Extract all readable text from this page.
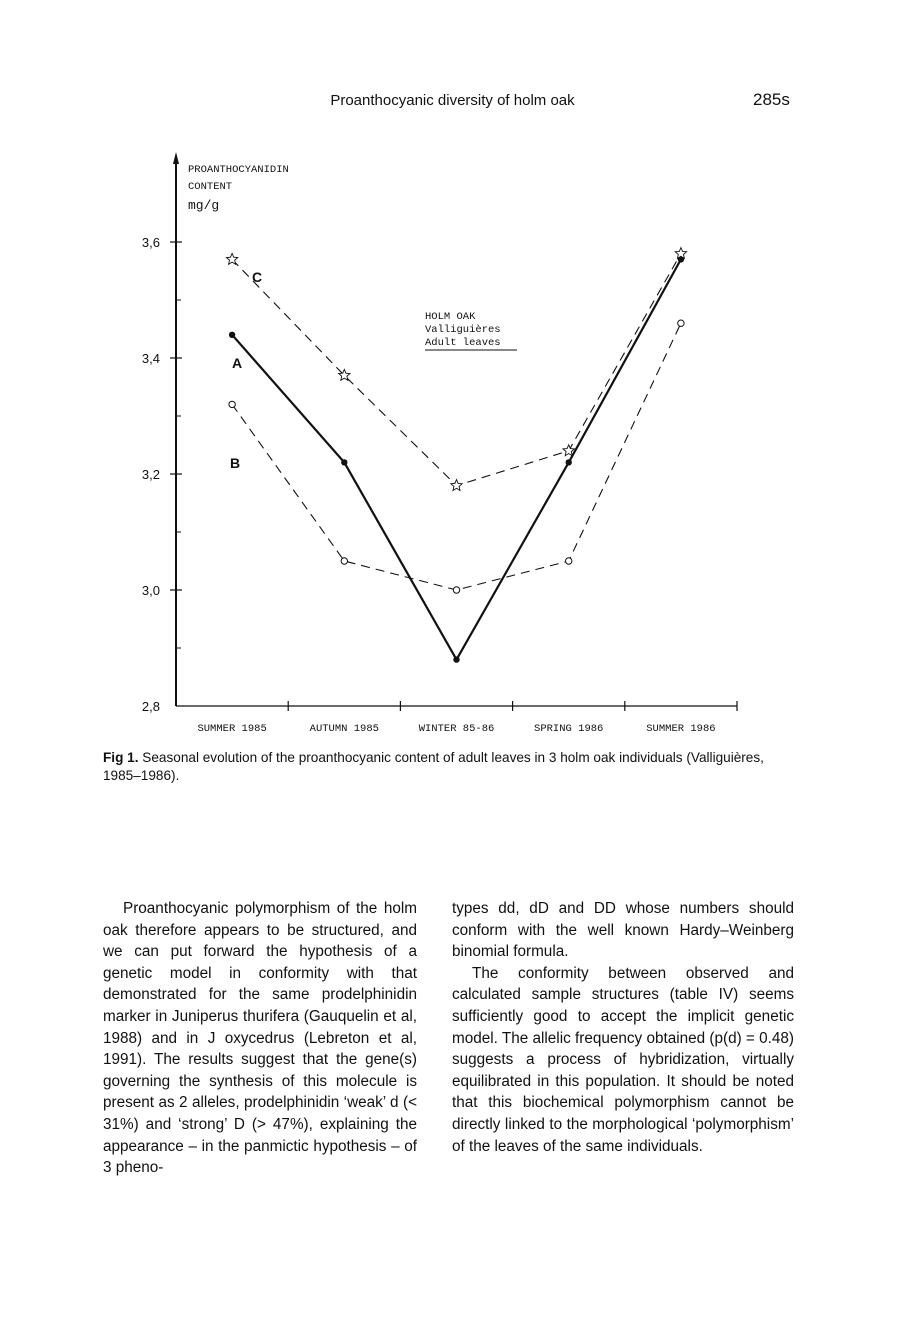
Proanthocyanic diversity of holm oak	285s
PROANTHOCYANIDIN
CONTENT
mg/g
2,8
3,0
3,2
3,4
3,6
SUMMER 1985	AUTUMN 1985	WINTER 85-86	SPRING 1986	SUMMER 1986
HOLM OAK
Valliguières
Adult leaves
C
A
B
Fig 1. Seasonal evolution of the proanthocyanic content of adult leaves in 3 holm oak individuals (Valliguières, 1985–1986).

Proanthocyanic polymorphism of the holm oak therefore appears to be structured, and we can put forward the hypothesis of a genetic model in conformity with that demonstrated for the same prodelphinidin marker in Juniperus thurifera (Gauquelin et al, 1988) and in J oxycedrus (Lebreton et al, 1991). The results suggest that the gene(s) governing the synthesis of this molecule is present as 2 alleles, prodelphinidin ‘weak’ d (< 31%) and ‘strong’ D (> 47%), explaining the appearance – in the panmictic hypothesis – of 3 pheno-

types dd, dD and DD whose numbers should conform with the well known Hardy–Weinberg binomial formula.

The conformity between observed and calculated sample structures (table IV) seems sufficiently good to accept the implicit genetic model. The allelic frequency obtained (p(d) = 0.48) suggests a process of hybridization, virtually equilibrated in this population. It should be noted that this biochemical polymorphism cannot be directly linked to the morphological ‘polymorphism’ of the leaves of the same individuals.
